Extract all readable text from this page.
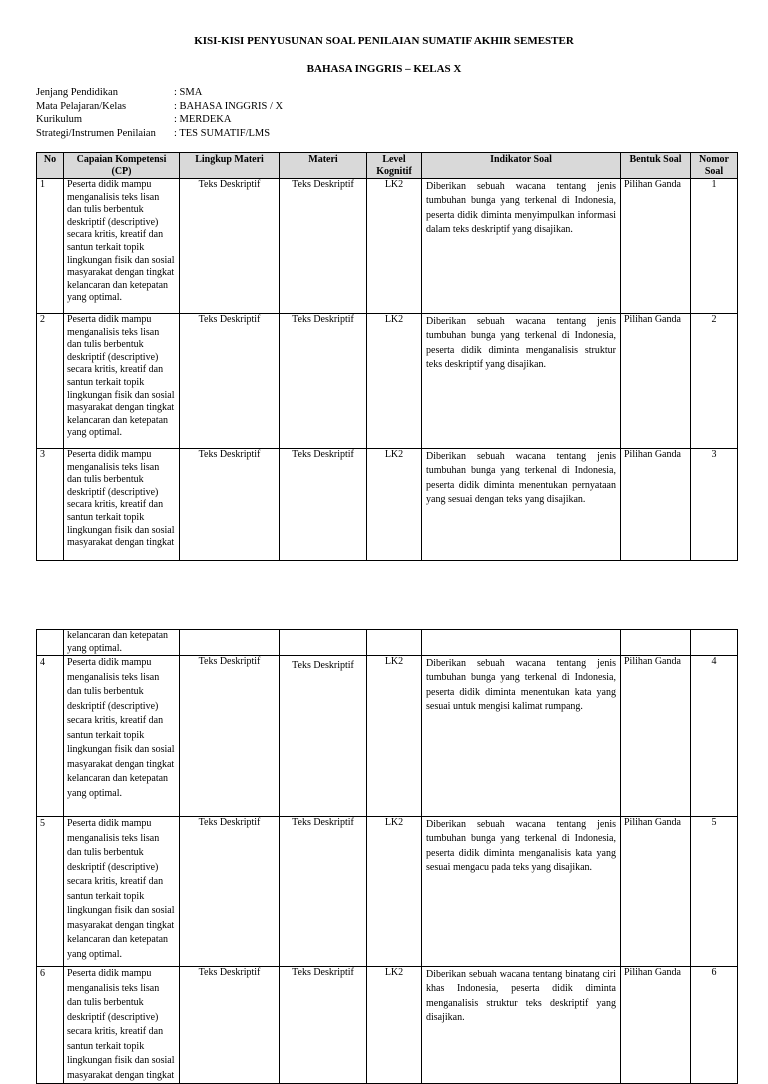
KISI-KISI PENYUSUNAN SOAL PENILAIAN SUMATIF AKHIR SEMESTER
BAHASA INGGRIS – KELAS X
Jenjang Pendidikan	: SMA
Mata Pelajaran/Kelas	: BAHASA INGGRIS / X
Kurikulum	: MERDEKA
Strategi/Instrumen Penilaian	: TES SUMATIF/LMS
No	Capaian Kompetensi (CP)	Lingkup Materi	Materi	Level Kognitif	Indikator Soal	Bentuk Soal	Nomor Soal
1	Peserta didik mampu menganalisis teks lisan dan tulis berbentuk deskriptif (descriptive) secara kritis, kreatif dan santun terkait topik lingkungan fisik dan sosial masyarakat dengan tingkat kelancaran dan ketepatan yang optimal.	Teks Deskriptif	Teks Deskriptif	LK2	Diberikan sebuah wacana tentang jenis tumbuhan bunga yang terkenal di Indonesia, peserta didik diminta menyimpulkan informasi dalam teks deskriptif yang disajikan.	Pilihan Ganda	1
2	Peserta didik mampu menganalisis teks lisan dan tulis berbentuk deskriptif (descriptive) secara kritis, kreatif dan santun terkait topik lingkungan fisik dan sosial masyarakat dengan tingkat kelancaran dan ketepatan yang optimal.	Teks Deskriptif	Teks Deskriptif	LK2	Diberikan sebuah wacana tentang jenis tumbuhan bunga yang terkenal di Indonesia, peserta didik diminta menganalisis struktur teks deskriptif yang disajikan.	Pilihan Ganda	2
3	Peserta didik mampu menganalisis teks lisan dan tulis berbentuk deskriptif (descriptive) secara kritis, kreatif dan santun terkait topik lingkungan fisik dan sosial masyarakat dengan tingkat	Teks Deskriptif	Teks Deskriptif	LK2	Diberikan sebuah wacana tentang jenis tumbuhan bunga yang terkenal di Indonesia, peserta didik diminta menentukan pernyataan yang sesuai dengan teks yang disajikan.	Pilihan Ganda	3
	kelancaran dan ketepatan yang optimal.						
4	Peserta didik mampu menganalisis teks lisan dan tulis berbentuk deskriptif (descriptive) secara kritis, kreatif dan santun terkait topik lingkungan fisik dan sosial masyarakat dengan tingkat kelancaran dan ketepatan yang optimal.	Teks Deskriptif	Teks Deskriptif	LK2	Diberikan sebuah wacana tentang jenis tumbuhan bunga yang terkenal di Indonesia, peserta didik diminta menentukan kata yang sesuai untuk mengisi kalimat rumpang.	Pilihan Ganda	4
5	Peserta didik mampu menganalisis teks lisan dan tulis berbentuk deskriptif (descriptive) secara kritis, kreatif dan santun terkait topik lingkungan fisik dan sosial masyarakat dengan tingkat kelancaran dan ketepatan yang optimal.	Teks Deskriptif	Teks Deskriptif	LK2	Diberikan sebuah wacana tentang jenis tumbuhan bunga yang terkenal di Indonesia, peserta didik diminta menganalisis kata yang sesuai mengacu pada teks yang disajikan.	Pilihan Ganda	5
6	Peserta didik mampu menganalisis teks lisan dan tulis berbentuk deskriptif (descriptive) secara kritis, kreatif dan santun terkait topik lingkungan fisik dan sosial masyarakat dengan tingkat	Teks Deskriptif	Teks Deskriptif	LK2	Diberikan sebuah wacana tentang binatang ciri khas Indonesia, peserta didik diminta menganalisis struktur teks deskriptif yang disajikan.	Pilihan Ganda	6
